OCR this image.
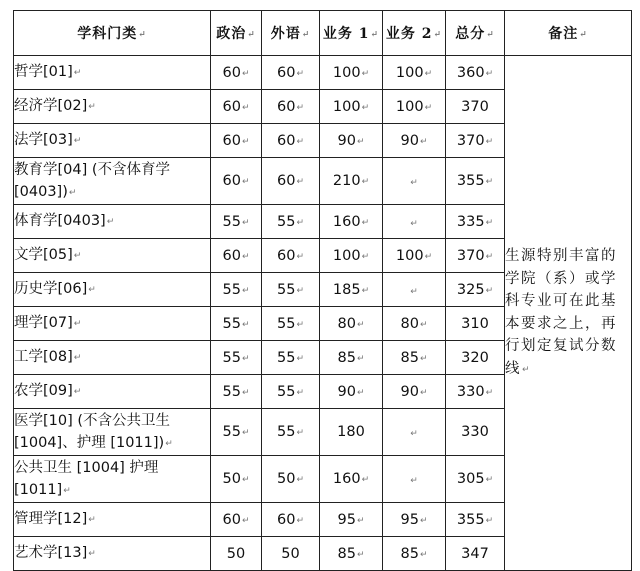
学科门类↵	政治↵	外语↵	业务 1↵	业务 2↵	总分↵	备注↵
哲学[01]↵	60↵	60↵	100↵	100↵	360↵	生源特别丰富的学院（系）或学科专业可在此基本要求之上，再行划定复试分数线↵
经济学[02]↵	60↵	60↵	100↵	100↵	370	
法学[03]↵	60↵	60↵	90↵	90↵	370↵	
教育学[04] (不含体育学[0403])↵	60↵	60↵	210↵	↵	355↵	
体育学[0403]↵	55↵	55↵	160↵	↵	335↵	
文学[05]↵	60↵	60↵	100↵	100↵	370↵	
历史学[06]↵	55↵	55↵	185↵	↵	325↵	
理学[07]↵	55↵	55↵	80↵	80↵	310	
工学[08]↵	55↵	55↵	85↵	85↵	320	
农学[09]↵	55↵	55↵	90↵	90↵	330↵	
医学[10] (不含公共卫生[1004]、护理 [1011])↵	55↵	55↵	180	↵	330	
公共卫生 [1004] 护理 [1011]↵	50↵	50↵	160↵	↵	305↵	
管理学[12]↵	60↵	60↵	95↵	95↵	355↵	
艺术学[13]↵	50	50	85↵	85↵	347	
